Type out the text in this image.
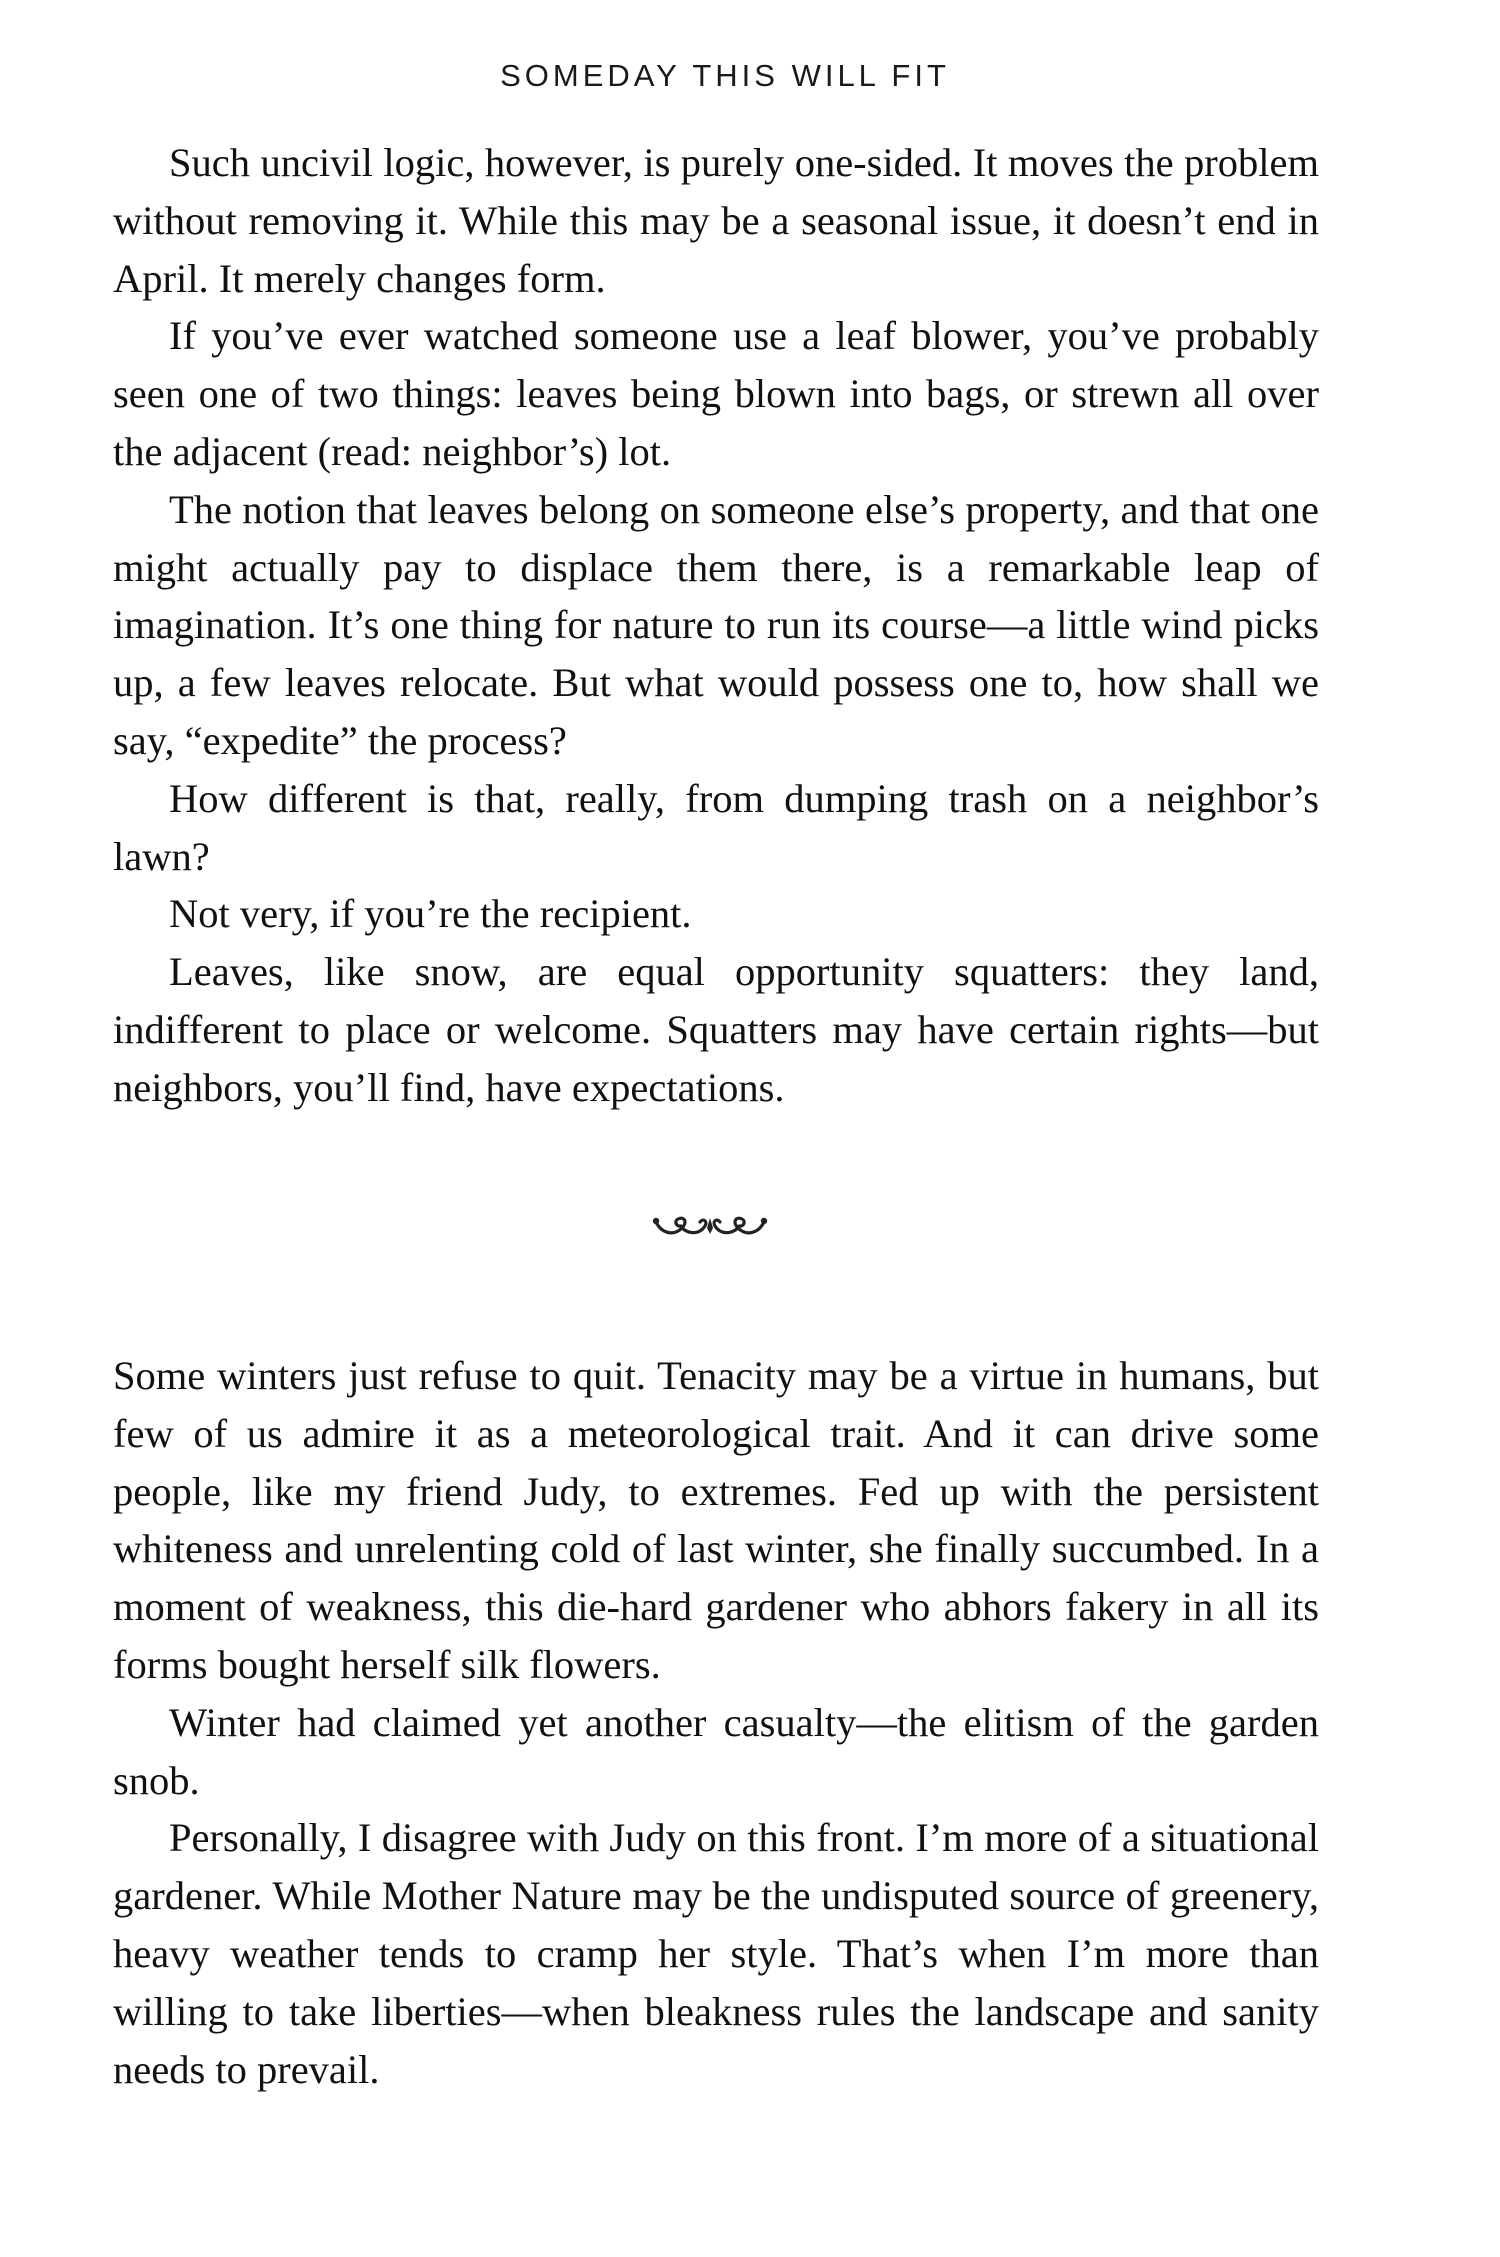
SOMEDAY THIS WILL FIT

Such uncivil logic, however, is purely one-sided. It moves the problem without removing it. While this may be a seasonal issue, it doesn’t end in April. It merely changes form.

If you’ve ever watched someone use a leaf blower, you’ve probably seen one of two things: leaves being blown into bags, or strewn all over the adjacent (read: neighbor’s) lot.

The notion that leaves belong on someone else’s property, and that one might actually pay to displace them there, is a remarkable leap of imagination. It’s one thing for nature to run its course—a little wind picks up, a few leaves relocate. But what would possess one to, how shall we say, “expedite” the process?

How different is that, really, from dumping trash on a neighbor’s lawn?

Not very, if you’re the recipient.

Leaves, like snow, are equal opportunity squatters: they land, indifferent to place or welcome. Squatters may have certain rights—but neighbors, you’ll find, have expectations.

Some winters just refuse to quit. Tenacity may be a virtue in humans, but few of us admire it as a meteorological trait. And it can drive some people, like my friend Judy, to extremes. Fed up with the persistent whiteness and unrelenting cold of last winter, she finally succumbed. In a moment of weakness, this die-hard gardener who abhors fakery in all its forms bought herself silk flowers.

Winter had claimed yet another casualty—the elitism of the garden snob.

Personally, I disagree with Judy on this front. I’m more of a situational gardener. While Mother Nature may be the undisputed source of greenery, heavy weather tends to cramp her style. That’s when I’m more than willing to take liberties—when bleakness rules the landscape and sanity needs to prevail.
